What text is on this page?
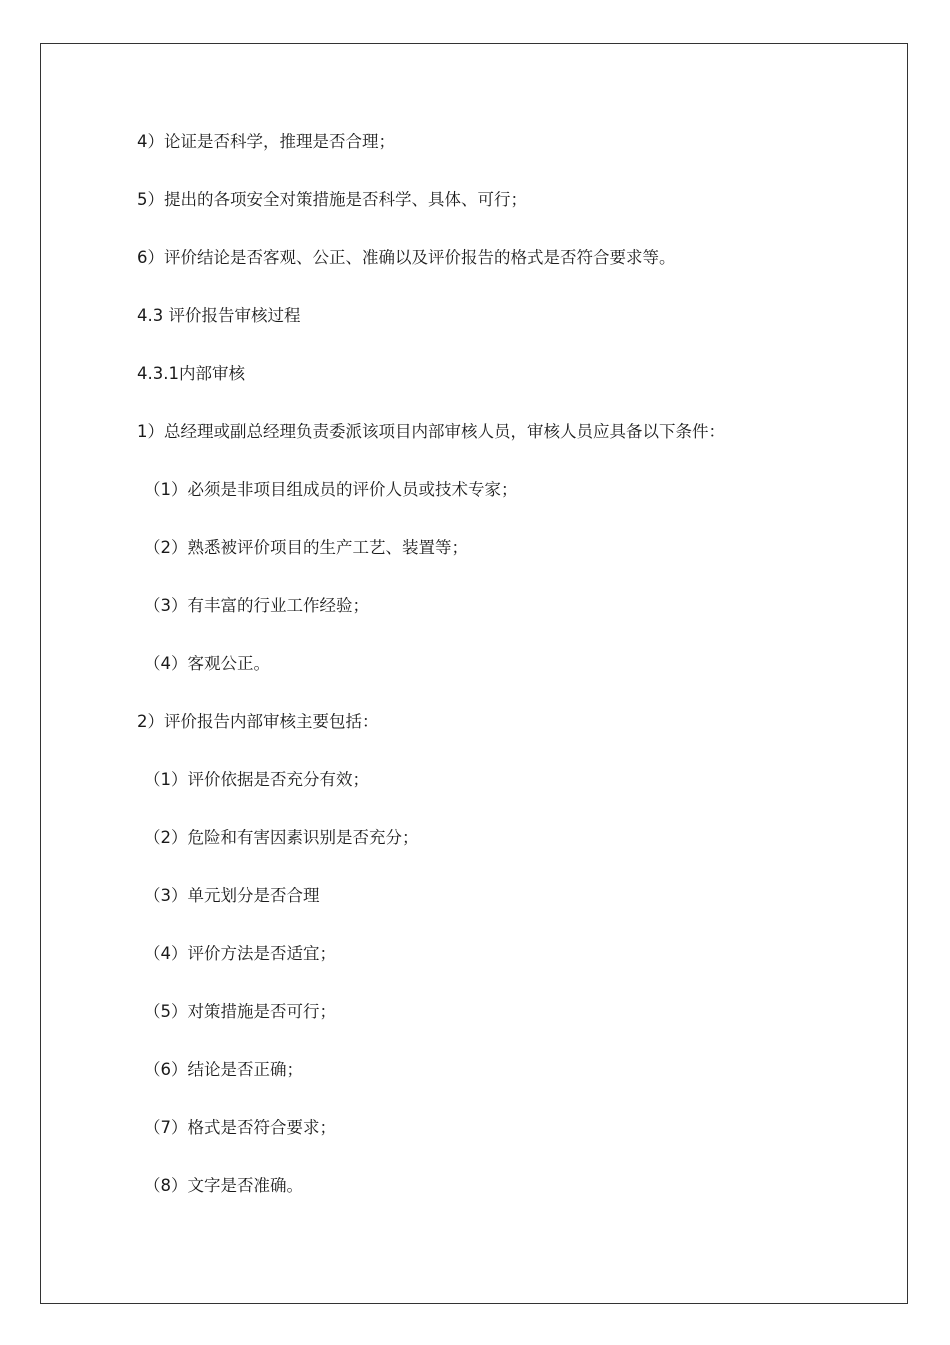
4）论证是否科学，推理是否合理；
5）提出的各项安全对策措施是否科学、具体、可行；
6）评价结论是否客观、公正、准确以及评价报告的格式是否符合要求等。
4.3 评价报告审核过程
4.3.1内部审核
1）总经理或副总经理负责委派该项目内部审核人员，审核人员应具备以下条件：
（1）必须是非项目组成员的评价人员或技术专家；
（2）熟悉被评价项目的生产工艺、装置等；
（3）有丰富的行业工作经验；
（4）客观公正。
2）评价报告内部审核主要包括：
（1）评价依据是否充分有效；
（2）危险和有害因素识别是否充分；
（3）单元划分是否合理
（4）评价方法是否适宜；
（5）对策措施是否可行；
（6）结论是否正确；
（7）格式是否符合要求；
（8）文字是否准确。
